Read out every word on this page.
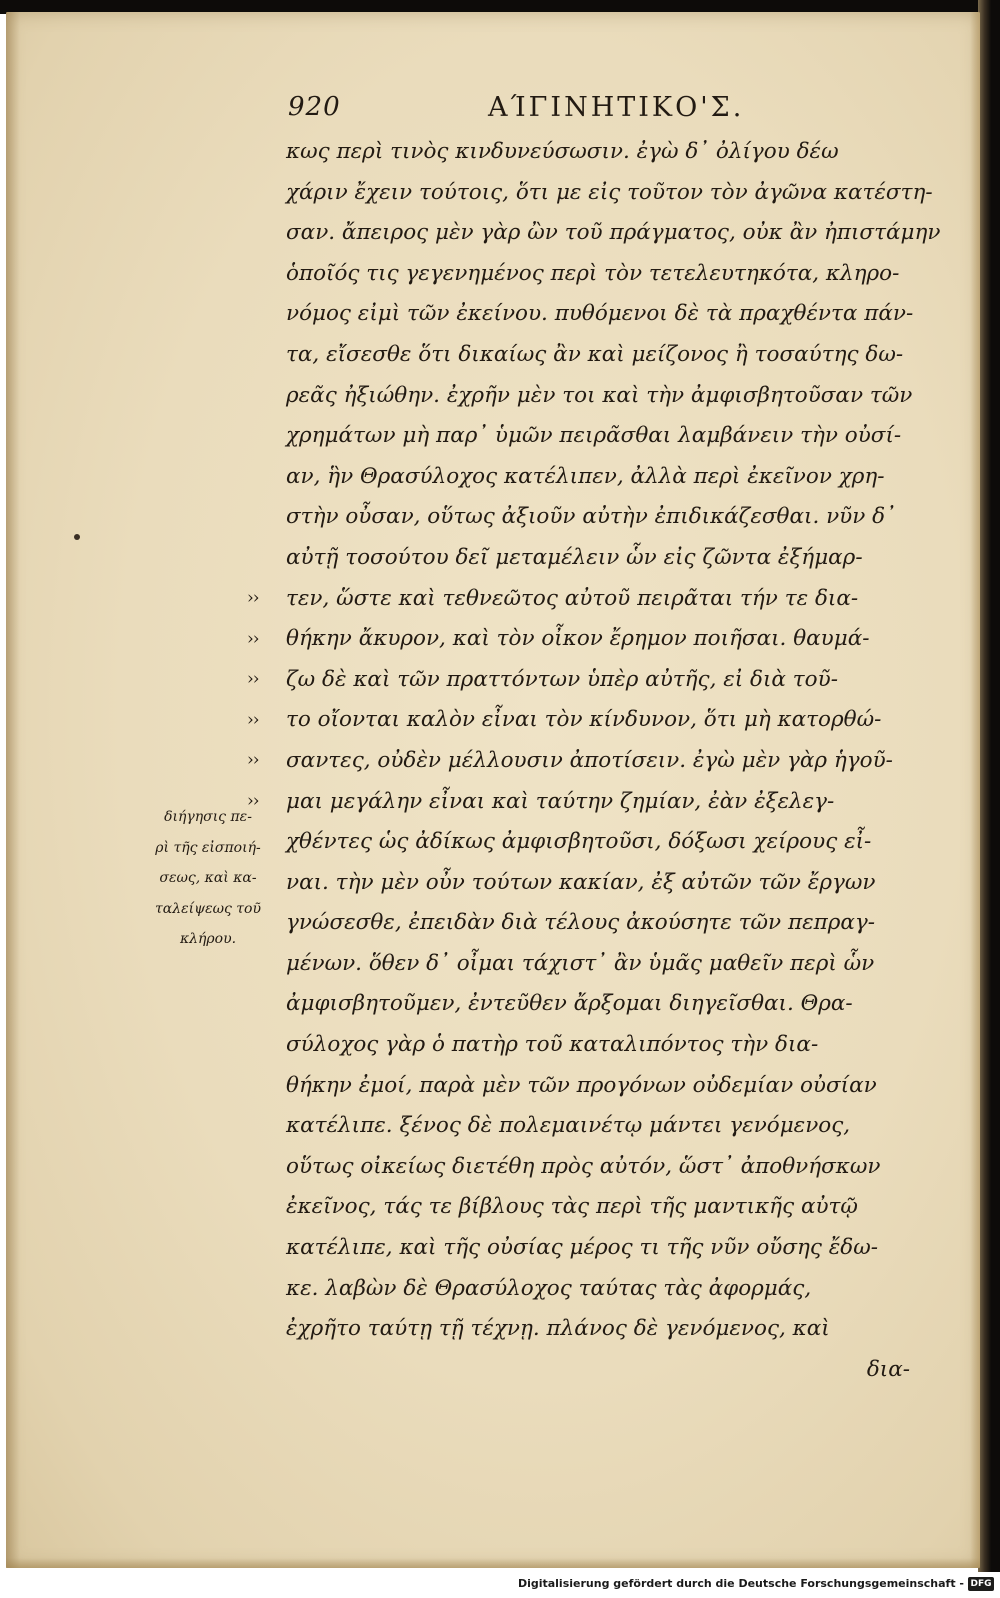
920	ΑΊΓΙΝΗΤΙΚΟ'Σ.
››
››
››
››
››
››
κως περὶ τινὸς κινδυνεύσωσιν. ἐγὼ δ᾽ ὀλίγου δέω
χάριν ἔχειν τούτοις, ὅτι με εἰς τοῦτον τὸν ἀγῶνα κατέστη-
σαν. ἄπειρος μὲν γὰρ ὢν τοῦ πράγματος, οὐκ ἂν ἠπιστάμην
ὁποῖός τις γεγενημένος περὶ τὸν τετελευτηκότα, κληρο-
νόμος εἰμὶ τῶν ἐκείνου. πυθόμενοι δὲ τὰ πραχθέντα πάν-
τα, εἴσεσθε ὅτι δικαίως ἂν καὶ μείζονος ἢ τοσαύτης δω-
ρεᾶς ἠξιώθην. ἐχρῆν μὲν τοι καὶ τὴν ἀμφισβητοῦσαν τῶν
χρημάτων μὴ παρ᾽ ὑμῶν πειρᾶσθαι λαμβάνειν τὴν οὐσί-
αν, ἣν Θρασύλοχος κατέλιπεν, ἀλλὰ περὶ ἐκεῖνον χρη-
στὴν οὖσαν, οὕτως ἀξιοῦν αὐτὴν ἐπιδικάζεσθαι. νῦν δ᾽
αὐτῇ τοσούτου δεῖ μεταμέλειν ὧν εἰς ζῶντα ἐξήμαρ-
τεν, ὥστε καὶ τεθνεῶτος αὐτοῦ πειρᾶται τήν τε δια-
θήκην ἄκυρον, καὶ τὸν οἶκον ἔρημον ποιῆσαι. θαυμά-
ζω δὲ καὶ τῶν πραττόντων ὑπὲρ αὐτῆς, εἰ διὰ τοῦ-
το οἴονται καλὸν εἶναι τὸν κίνδυνον, ὅτι μὴ κατορθώ-
σαντες, οὐδὲν μέλλουσιν ἀποτίσειν. ἐγὼ μὲν γὰρ ἡγοῦ-
μαι μεγάλην εἶναι καὶ ταύτην ζημίαν, ἐὰν ἐξελεγ-
χθέντες ὡς ἀδίκως ἀμφισβητοῦσι, δόξωσι χείρους εἶ-
ναι. τὴν μὲν οὖν τούτων κακίαν, ἐξ αὐτῶν τῶν ἔργων
γνώσεσθε, ἐπειδὰν διὰ τέλους ἀκούσητε τῶν πεπραγ-
μένων. ὅθεν δ᾽ οἶμαι τάχιστ᾽ ἂν ὑμᾶς μαθεῖν περὶ ὧν
ἀμφισβητοῦμεν, ἐντεῦθεν ἄρξομαι διηγεῖσθαι. Θρα-
σύλοχος γὰρ ὁ πατὴρ τοῦ καταλιπόντος τὴν δια-
θήκην ἐμοί, παρὰ μὲν τῶν προγόνων οὐδεμίαν οὐσίαν
κατέλιπε. ξένος δὲ πολεμαινέτῳ μάντει γενόμενος,
οὕτως οἰκείως διετέθη πρὸς αὐτόν, ὥστ᾽ ἀποθνήσκων
ἐκεῖνος, τάς τε βίβλους τὰς περὶ τῆς μαντικῆς αὐτῷ
κατέλιπε, καὶ τῆς οὐσίας μέρος τι τῆς νῦν οὔσης ἔδω-
κε. λαβὼν δὲ Θρασύλοχος ταύτας τὰς ἀφορμάς,
ἐχρῆτο ταύτῃ τῇ τέχνῃ. πλάνος δὲ γενόμενος, καὶ
δια-
διήγησις πε-
ρὶ τῆς εἰσποιή-
σεως, καὶ κα-
ταλείψεως τοῦ
κλήρου.
Digitalisierung gefördert durch die Deutsche Forschungsgemeinschaft - DFG
